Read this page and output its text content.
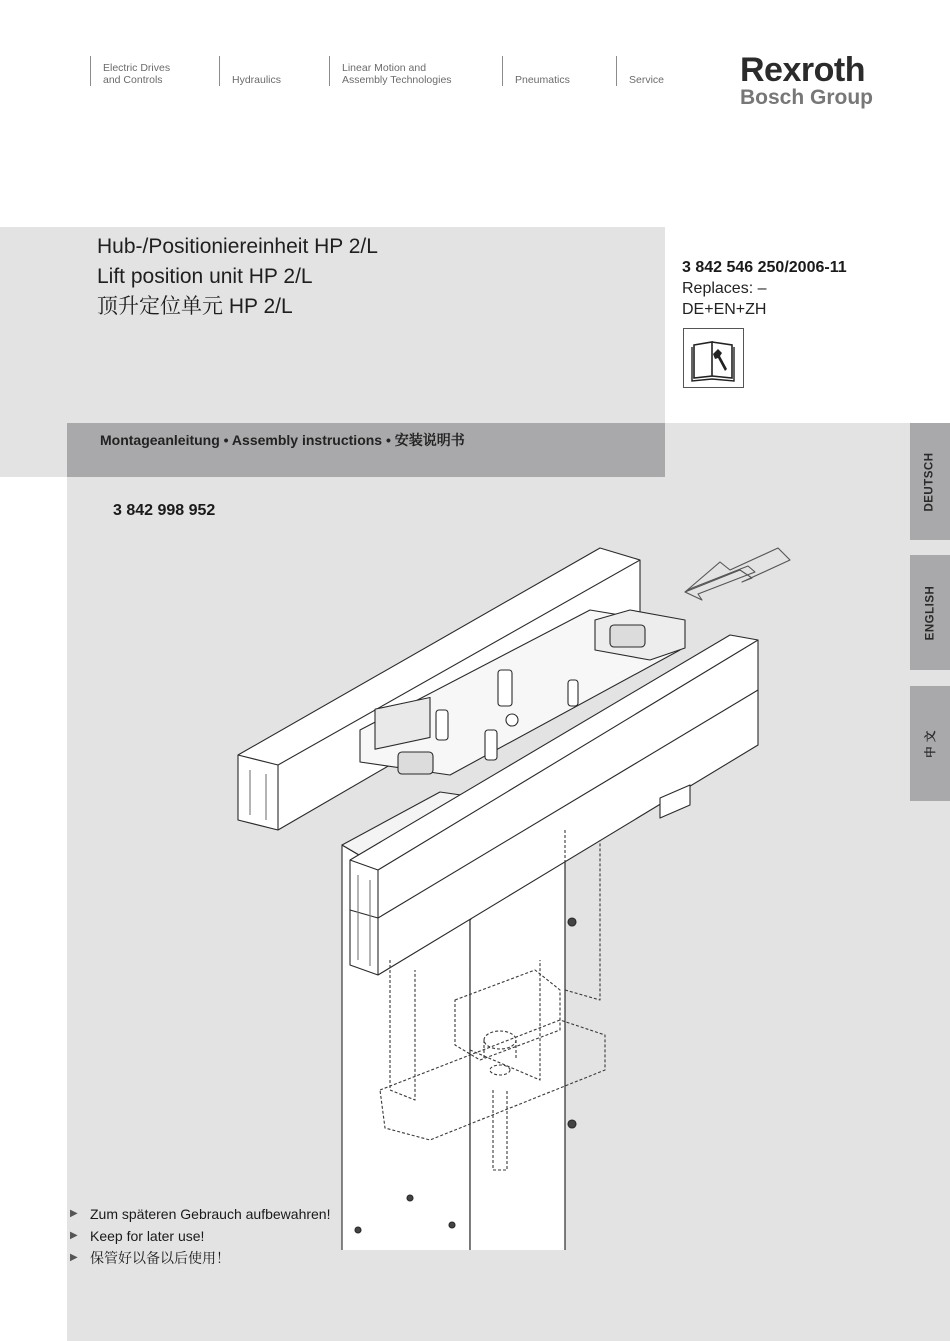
Electric Drives
and Controls	Hydraulics
Linear Motion and
Assembly Technologies	Pneumatics	Service Rexroth
Bosch Group
Hub-/Positioniereinheit HP 2/L
Lift position unit HP 2/L
顶升定位单元 HP 2/L
Montageanleitung • Assembly instructions • 安装说明书
3 842 546 250/2006-11
Replaces: –
DE+EN+ZH
DEUTSCH
ENGLISH
中 文
3 842 998 952
▶ Zum späteren Gebrauch aufbewahren!
▶ Keep for later use!
▶ 保管好以备以后使用！
